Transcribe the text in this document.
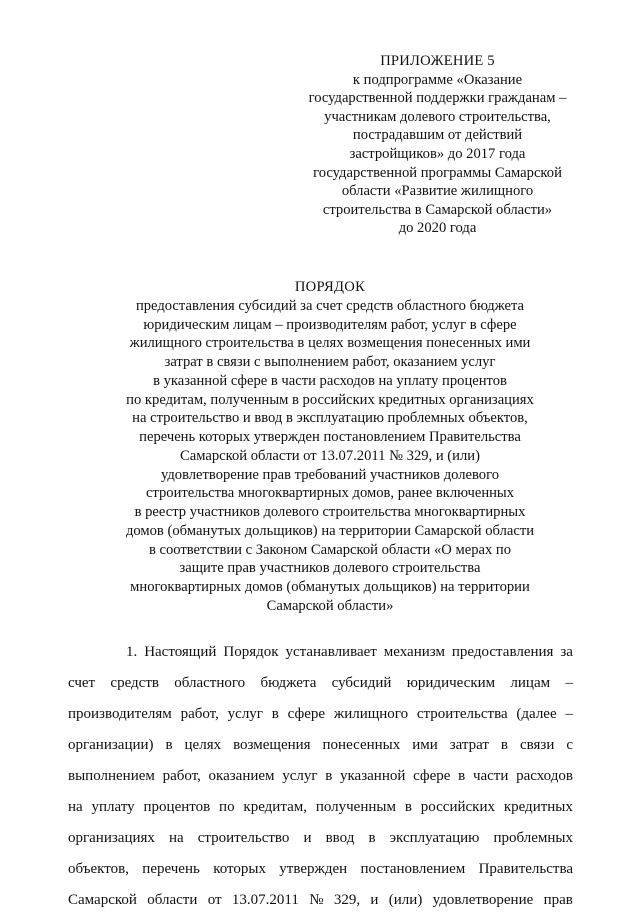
ПРИЛОЖЕНИЕ 5
к подпрограмме «Оказание
государственной поддержки гражданам –
участникам долевого строительства,
пострадавшим от действий
застройщиков» до 2017 года
государственной программы Самарской
области «Развитие жилищного
строительства в Самарской области»
до 2020 года
ПОРЯДОК
предоставления субсидий за счет средств областного бюджета
юридическим лицам – производителям работ, услуг в сфере
жилищного строительства в целях возмещения понесенных ими
затрат в связи с выполнением работ, оказанием услуг
в указанной сфере в части расходов на уплату процентов
по кредитам, полученным в российских кредитных организациях
на строительство и ввод в эксплуатацию проблемных объектов,
перечень которых утвержден постановлением Правительства
Самарской области от 13.07.2011 № 329, и (или)
удовлетворение прав требований участников долевого
строительства многоквартирных домов, ранее включенных
в реестр участников долевого строительства многоквартирных
домов (обманутых дольщиков) на территории Самарской области
в соответствии с Законом Самарской области «О мерах по
защите прав участников долевого строительства
многоквартирных домов (обманутых дольщиков) на территории
Самарской области»
1. Настоящий Порядок устанавливает механизм предоставления за
счет средств областного бюджета субсидий юридическим лицам –
производителям работ, услуг в сфере жилищного строительства (далее –
организации) в целях возмещения понесенных ими затрат в связи с
выполнением работ, оказанием услуг в указанной сфере в части расходов
на уплату процентов по кредитам, полученным в российских кредитных
организациях на строительство и ввод в эксплуатацию проблемных
объектов, перечень которых утвержден постановлением Правительства
Самарской области от 13.07.2011 № 329, и (или) удовлетворение прав
